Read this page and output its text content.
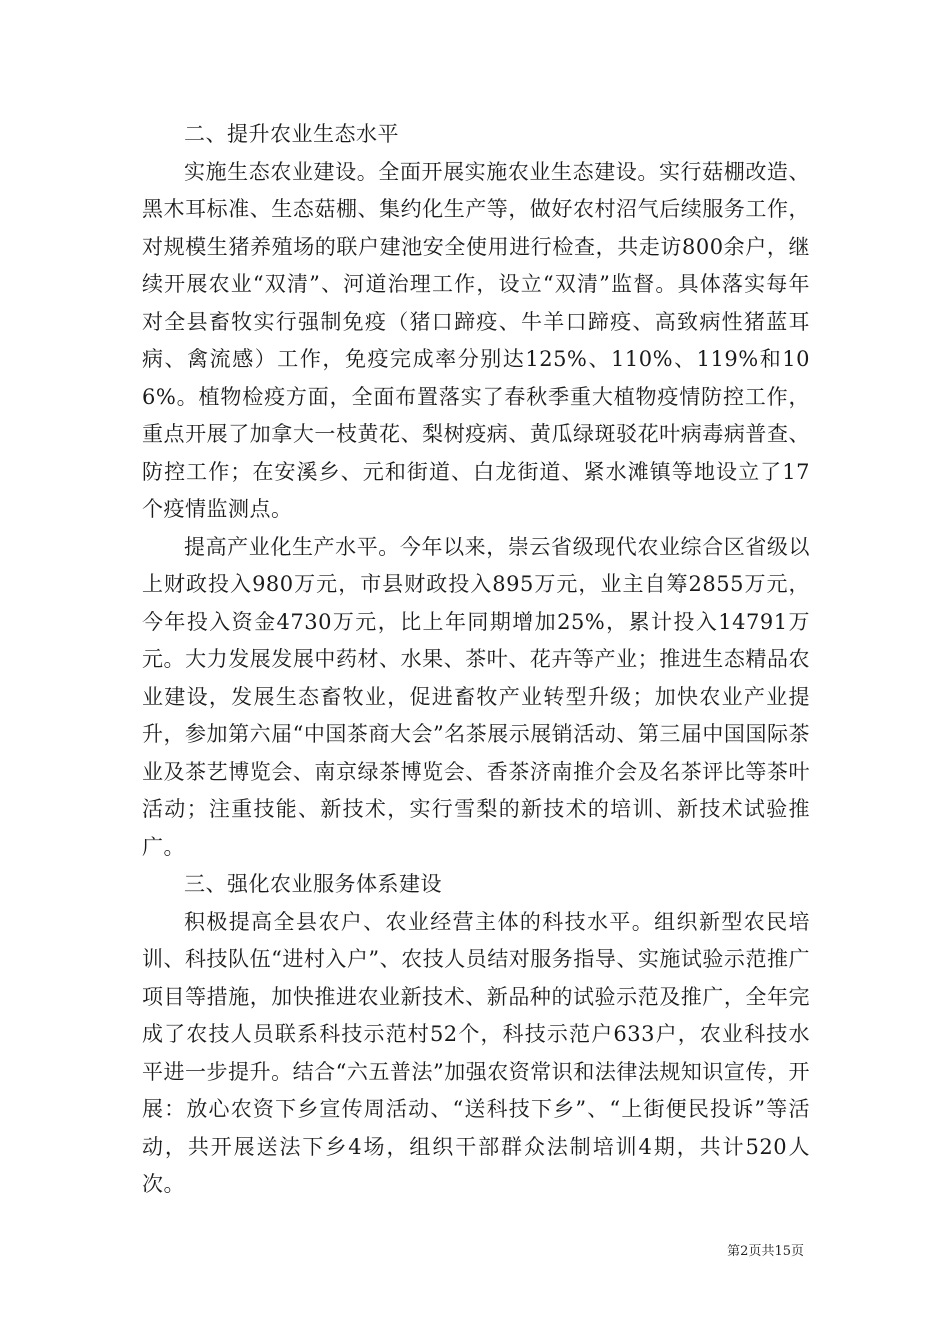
二、提升农业生态水平

实施生态农业建设。全面开展实施农业生态建设。实行菇棚改造、黑木耳标准、生态菇棚、集约化生产等，做好农村沼气后续服务工作，对规模生猪养殖场的联户建池安全使用进行检查，共走访800余户，继续开展农业“双清”、河道治理工作，设立“双清”监督。具体落实每年对全县畜牧实行强制免疫（猪口蹄疫、牛羊口蹄疫、高致病性猪蓝耳病、禽流感）工作，免疫完成率分别达125%、110%、119%和106%。植物检疫方面，全面布置落实了春秋季重大植物疫情防控工作，重点开展了加拿大一枝黄花、梨树疫病、黄瓜绿斑驳花叶病毒病普查、防控工作；在安溪乡、元和街道、白龙街道、紧水滩镇等地设立了17个疫情监测点。

提高产业化生产水平。今年以来，崇云省级现代农业综合区省级以上财政投入980万元，市县财政投入895万元，业主自筹2855万元，今年投入资金4730万元，比上年同期增加25%，累计投入14791万元。大力发展发展中药材、水果、茶叶、花卉等产业；推进生态精品农业建设，发展生态畜牧业，促进畜牧产业转型升级；加快农业产业提升，参加第六届“中国茶商大会”名茶展示展销活动、第三届中国国际茶业及茶艺博览会、南京绿茶博览会、香茶济南推介会及名茶评比等茶叶活动；注重技能、新技术，实行雪梨的新技术的培训、新技术试验推广。

三、强化农业服务体系建设

积极提高全县农户、农业经营主体的科技水平。组织新型农民培训、科技队伍“进村入户”、农技人员结对服务指导、实施试验示范推广项目等措施，加快推进农业新技术、新品种的试验示范及推广，全年完成了农技人员联系科技示范村52个，科技示范户633户，农业科技水平进一步提升。结合“六五普法”加强农资常识和法律法规知识宣传，开展：放心农资下乡宣传周活动、“送科技下乡”、“上街便民投诉”等活动，共开展送法下乡4场，组织干部群众法制培训4期，共计520人次。

第2页共15页
